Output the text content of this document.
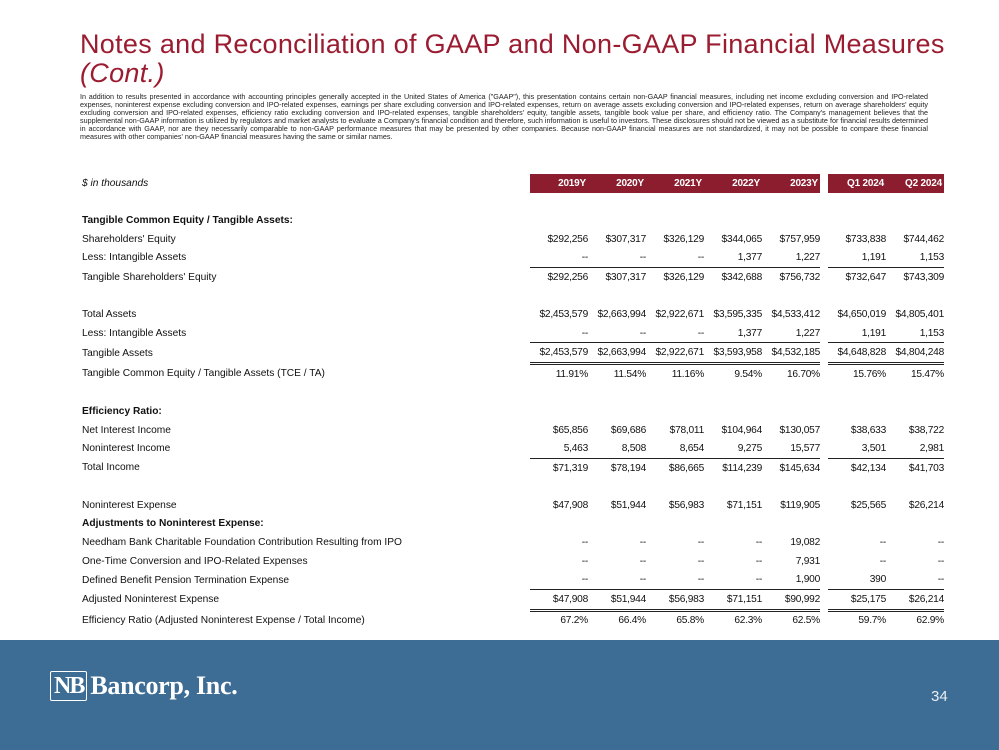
Notes and Reconciliation of GAAP and Non-GAAP Financial Measures (Cont.)
In addition to results presented in accordance with accounting principles generally accepted in the United States of America ("GAAP"), this presentation contains certain non-GAAP financial measures, including net income excluding conversion and IPO-related expenses, noninterest expense excluding conversion and IPO-related expenses, earnings per share excluding conversion and IPO-related expenses, return on average assets excluding conversion and IPO-related expenses, return on average shareholders' equity excluding conversion and IPO-related expenses, efficiency ratio excluding conversion and IPO-related expenses, tangible shareholders' equity, tangible assets, tangible book value per share, and efficiency ratio. The Company's management believes that the supplemental non-GAAP information is utilized by regulators and market analysts to evaluate a Company's financial condition and therefore, such information is useful to investors. These disclosures should not be viewed as a substitute for financial results determined in accordance with GAAP, nor are they necessarily comparable to non-GAAP performance measures that may be presented by other companies. Because non-GAAP financial measures are not standardized, it may not be possible to compare these financial measures with other companies' non-GAAP financial measures having the same or similar names.
$ in thousands	2019Y	2020Y	2021Y	2022Y	2023Y		Q1 2024	Q2 2024

Tangible Common Equity / Tangible Assets:								
Shareholders' Equity	$292,256	$307,317	$326,129	$344,065	$757,959		$733,838	$744,462
Less: Intangible Assets	--	--	--	1,377	1,227		1,191	1,153
Tangible Shareholders' Equity	$292,256	$307,317	$326,129	$342,688	$756,732		$732,647	$743,309

Total Assets	$2,453,579	$2,663,994	$2,922,671	$3,595,335	$4,533,412		$4,650,019	$4,805,401
Less: Intangible Assets	--	--	--	1,377	1,227		1,191	1,153
Tangible Assets	$2,453,579	$2,663,994	$2,922,671	$3,593,958	$4,532,185		$4,648,828	$4,804,248
Tangible Common Equity / Tangible Assets (TCE / TA)	11.91%	11.54%	11.16%	9.54%	16.70%		15.76%	15.47%

Efficiency Ratio:								
Net Interest Income	$65,856	$69,686	$78,011	$104,964	$130,057		$38,633	$38,722
Noninterest Income	5,463	8,508	8,654	9,275	15,577		3,501	2,981
Total Income	$71,319	$78,194	$86,665	$114,239	$145,634		$42,134	$41,703

Noninterest Expense	$47,908	$51,944	$56,983	$71,151	$119,905		$25,565	$26,214
Adjustments to Noninterest Expense:								
Needham Bank Charitable Foundation Contribution Resulting from IPO	--	--	--	--	19,082		--	--
One-Time Conversion and IPO-Related Expenses	--	--	--	--	7,931		--	--
Defined Benefit Pension Termination Expense	--	--	--	--	1,900		390	--
Adjusted Noninterest Expense	$47,908	$51,944	$56,983	$71,151	$90,992		$25,175	$26,214
Efficiency Ratio (Adjusted Noninterest Expense / Total Income)	67.2%	66.4%	65.8%	62.3%	62.5%		59.7%	62.9%
NB Bancorp, Inc.	34
